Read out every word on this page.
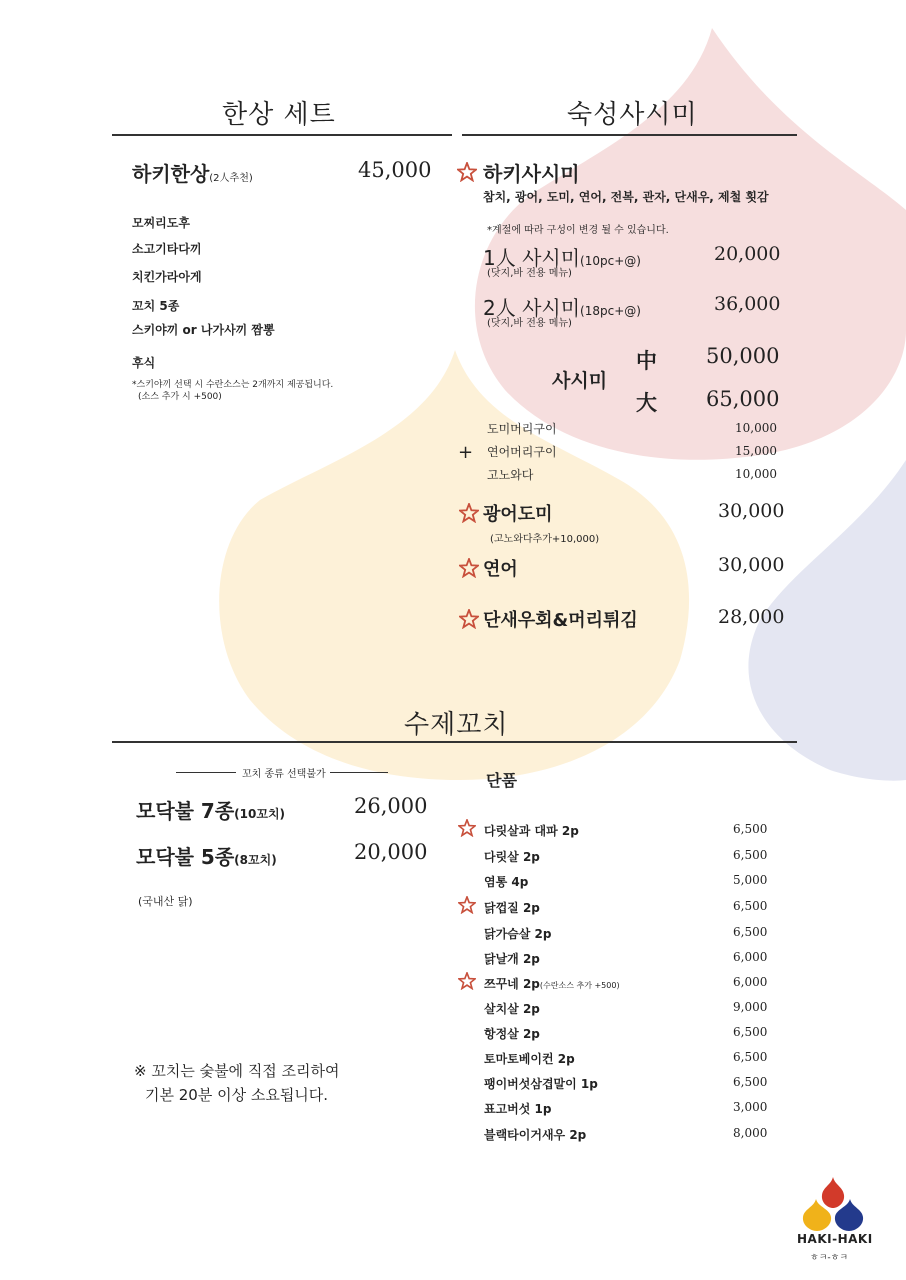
한상 세트
하키한상(2人추천)	45,000
모찌리도후
소고기타다끼
치킨가라아게
꼬치 5종
스키야끼 or 나가사끼 짬뽕
후식
*스키야끼 선택 시 수란소스는 2개까지 제공됩니다.
(소스 추가 시 +500)
숙성사시미
하키사시미
참치, 광어, 도미, 연어, 전복, 관자, 단새우, 제철 횟감
*계절에 따라 구성이 변경 될 수 있습니다.
1人 사시미(10pc+@)
(닷지,바 전용 메뉴)
20,000
2人 사시미(18pc+@)
(닷지,바 전용 메뉴)
36,000
사시미
中 50,000
大 65,000
+
도미머리구이	10,000
연어머리구이	15,000
고노와다	10,000
광어도미
(고노와다추가+10,000)
30,000
연어	30,000
단새우회&머리튀김	28,000
수제꼬치
꼬치 종류 선택불가
모닥불 7종(10꼬치)	26,000
모닥불 5종(8꼬치)	20,000
(국내산 닭)
※ 꼬치는 숯불에 직접 조리하여
기본 20분 이상 소요됩니다.
단품
다릿살과 대파 2p	6,500
다릿살 2p	6,500
염통 4p	5,000
닭껍질 2p	6,500
닭가슴살 2p	6,500
닭날개 2p	6,000
쯔꾸네 2p(수란소스 추가 +500)	6,000
살치살 2p	9,000
항정살 2p	6,500
토마토베이컨 2p	6,500
팽이버섯삼겹말이 1p	6,500
표고버섯 1p	3,000
블랙타이거새우 2p	8,000
HAKI-HAKI
ㅎㅋ-ㅎㅋ
